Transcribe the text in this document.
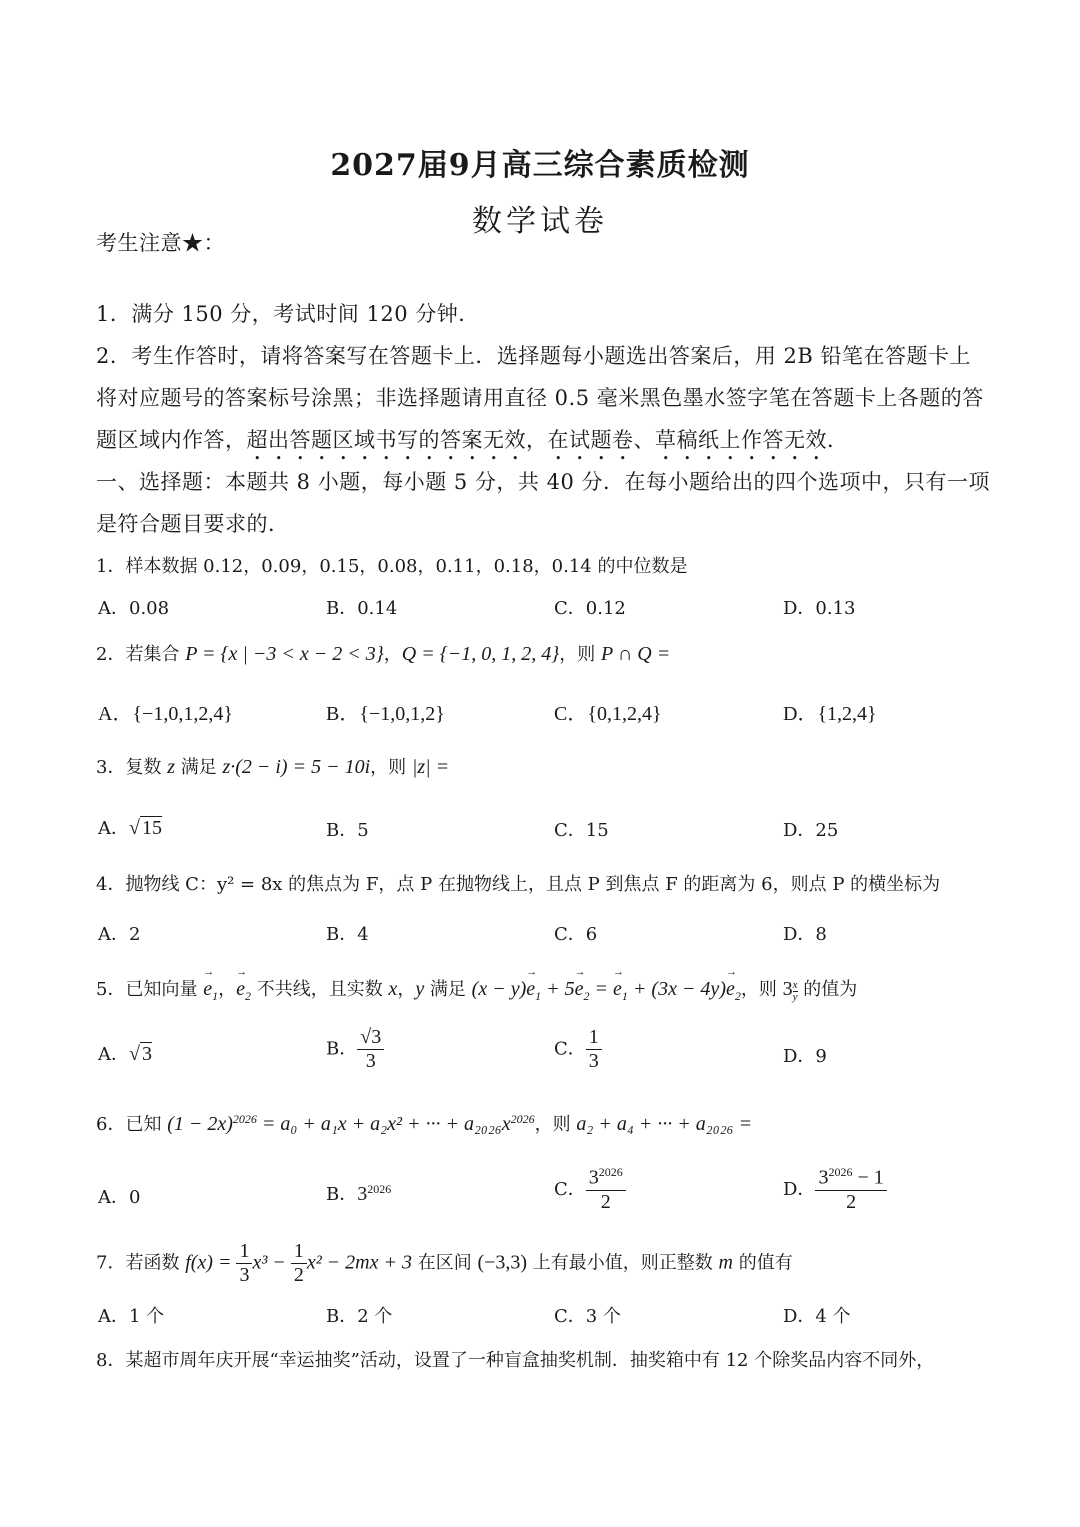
2027届9月高三综合素质检测
数学试卷
考生注意★：
1．满分 150 分，考试时间 120 分钟．
2．考生作答时，请将答案写在答题卡上．选择题每小题选出答案后，用 2B 铅笔在答题卡上
将对应题号的答案标号涂黑；非选择题请用直径 0.5 毫米黑色墨水签字笔在答题卡上各题的答
题区域内作答，超出答题区域书写的答案无效，在试题卷、草稿纸上作答无效．
一、选择题：本题共 8 小题，每小题 5 分，共 40 分．在每小题给出的四个选项中，只有一项
是符合题目要求的．
1．样本数据 0.12，0.09，0.15，0.08，0.11，0.18，0.14 的中位数是
A．0.08	B．0.14	C．0.12	D．0.13
2．若集合 P = {x | −3 < x − 2 < 3}，Q = {−1, 0, 1, 2, 4}，则 P ∩ Q =
A．{−1,0,1,2,4}	B．{−1,0,1,2}	C．{0,1,2,4}	D．{1,2,4}
3．复数 z 满足 z·(2 − i) = 5 − 10i，则 |z| =
A．√ 15	B．5	C．15	D．25
4．抛物线 C：y² = 8x 的焦点为 F，点 P 在抛物线上，且点 P 到焦点 F 的距离为 6，则点 P 的横坐标为
A．2	B．4	C．6	D．8
5．已知向量 → $e_1$，→ $e_2$ 不共线，且实数 x，y 满足 $(x - y)\to e_1 + 5\to e_2$ = → $e_1 + (3x - 4y)\to e_2$，则 $3 \frac{x}{y}$ 的值为
A．√ 3	B． $\frac{√3}{3}$	C． $\frac{1}{3}$	D．9
6．已知 $(1 - 2x)^{2026} = a_0 + a_1x + a_2x^2$ + ··· + $a_{2026}x^{2026}$，则 a₂ + a₄ + ··· + a₂₀₂₆ =
A．0	B．$3^{2026}$	C． $\frac{3^{2026}}{2}$	D． $\frac{3^{2026} - 1}{2}$
7．若函数 $f(x) = \frac{1}{3} x^3 - \frac{1}{2} x^2 - 2mx + 3$ 在区间 (−3,3) 上有最小值，则正整数 m 的值有
A．1 个	B．2 个	C．3 个	D．4 个
8．某超市周年庆开展“幸运抽奖”活动，设置了一种盲盒抽奖机制．抽奖箱中有 12 个除奖品内容不同外，
